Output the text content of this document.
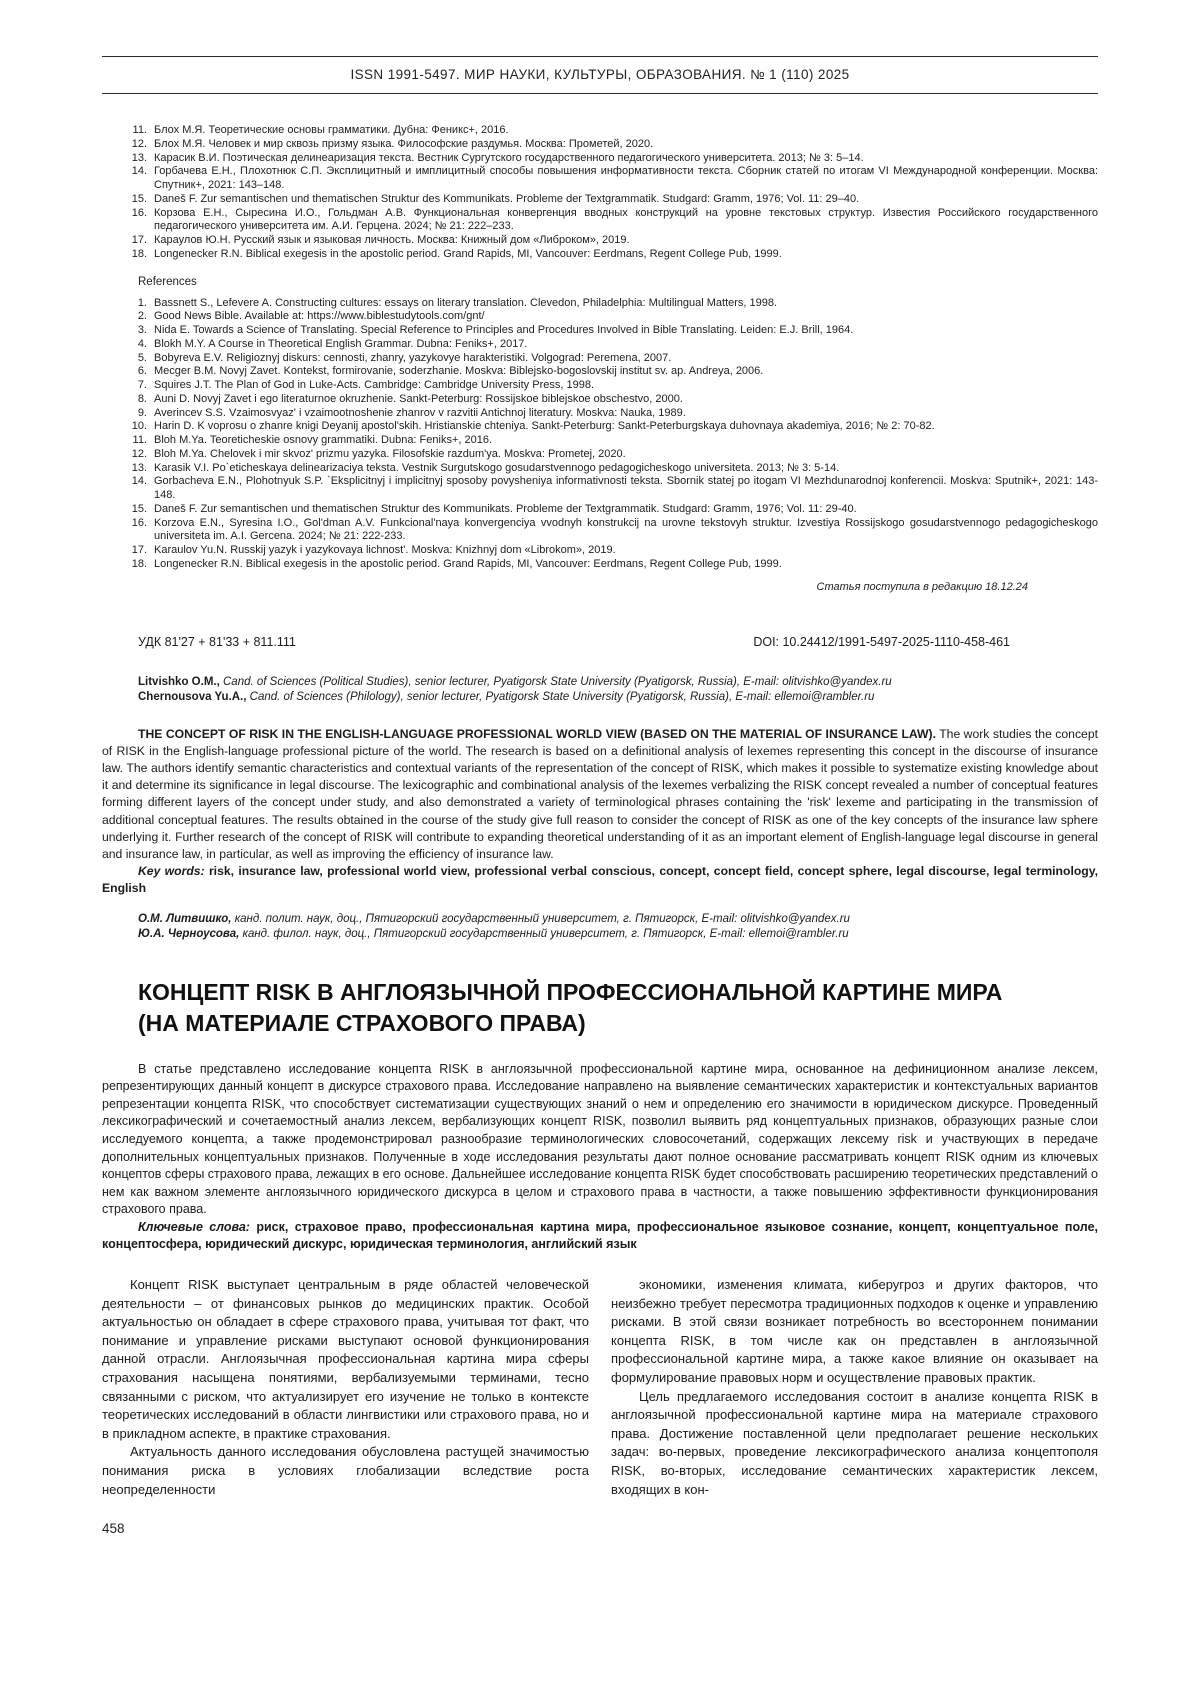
ISSN 1991-5497. МИР НАУКИ, КУЛЬТУРЫ, ОБРАЗОВАНИЯ. № 1 (110) 2025
11. Блох М.Я. Теоретические основы грамматики. Дубна: Феникс+, 2016.
12. Блох М.Я. Человек и мир сквозь призму языка. Философские раздумья. Москва: Прометей, 2020.
13. Карасик В.И. Поэтическая делинеаризация текста. Вестник Сургутского государственного педагогического университета. 2013; № 3: 5–14.
14. Горбачева Е.Н., Плохотнюк С.П. Эксплицитный и имплицитный способы повышения информативности текста. Сборник статей по итогам VI Международной конференции. Москва: Спутник+, 2021: 143–148.
15. Daneš F. Zur semantischen und thematischen Struktur des Kommunikats. Probleme der Textgrammatik. Studgard: Gramm, 1976; Vol. 11: 29–40.
16. Корзова Е.Н., Сыресина И.О., Гольдман А.В. Функциональная конвергенция вводных конструкций на уровне текстовых структур. Известия Российского государственного педагогического университета им. А.И. Герцена. 2024; № 21: 222–233.
17. Караулов Ю.Н. Русский язык и языковая личность. Москва: Книжный дом «Либроком», 2019.
18. Longenecker R.N. Biblical exegesis in the apostolic period. Grand Rapids, MI, Vancouver: Eerdmans, Regent College Pub, 1999.
References
1. Bassnett S., Lefevere A. Constructing cultures: essays on literary translation. Clevedon, Philadelphia: Multilingual Matters, 1998.
2. Good News Bible. Available at: https://www.biblestudytools.com/gnt/
3. Nida E. Towards a Science of Translating. Special Reference to Principles and Procedures Involved in Bible Translating. Leiden: E.J. Brill, 1964.
4. Blokh M.Y. A Course in Theoretical English Grammar. Dubna: Feniks+, 2017.
5. Bobyreva E.V. Religioznyj diskurs: cennosti, zhanry, yazykovye harakteristiki. Volgograd: Peremena, 2007.
6. Mecger B.M. Novyj Zavet. Kontekst, formirovanie, soderzhanie. Moskva: Biblejsko-bogoslovskij institut sv. ap. Andreya, 2006.
7. Squires J.T. The Plan of God in Luke-Acts. Cambridge: Cambridge University Press, 1998.
8. Auni D. Novyj Zavet i ego literaturnoe okruzhenie. Sankt-Peterburg: Rossijskoe biblejskoe obschestvo, 2000.
9. Averincev S.S. Vzaimosvyaz' i vzaimootnoshenie zhanrov v razvitii Antichnoj literatury. Moskva: Nauka, 1989.
10. Harin D. K voprosu o zhanre knigi Deyanij apostol'skih. Hristianskie chteniya. Sankt-Peterburg: Sankt-Peterburgskaya duhovnaya akademiya, 2016; № 2: 70-82.
11. Bloh M.Ya. Teoreticheskie osnovy grammatiki. Dubna: Feniks+, 2016.
12. Bloh M.Ya. Chelovek i mir skvoz' prizmu yazyka. Filosofskie razdum'ya. Moskva: Prometej, 2020.
13. Karasik V.I. Po`eticheskaya delinearizaciya teksta. Vestnik Surgutskogo gosudarstvennogo pedagogicheskogo universiteta. 2013; № 3: 5-14.
14. Gorbacheva E.N., Plohotnyuk S.P. `Eksplicitnyj i implicitnyj sposoby povysheniya informativnosti teksta. Sbornik statej po itogam VI Mezhdunarodnoj konferencii. Moskva: Sputnik+, 2021: 143-148.
15. Daneš F. Zur semantischen und thematischen Struktur des Kommunikats. Probleme der Textgrammatik. Studgard: Gramm, 1976; Vol. 11: 29-40.
16. Korzova E.N., Syresina I.O., Gol'dman A.V. Funkcional'naya konvergenciya vvodnyh konstrukcij na urovne tekstovyh struktur. Izvestiya Rossijskogo gosudarstvennogo pedagogicheskogo universiteta im. A.I. Gercena. 2024; № 21: 222-233.
17. Karaulov Yu.N. Russkij yazyk i yazykovaya lichnost'. Moskva: Knizhnyj dom «Librokom», 2019.
18. Longenecker R.N. Biblical exegesis in the apostolic period. Grand Rapids, MI, Vancouver: Eerdmans, Regent College Pub, 1999.
Статья поступила в редакцию 18.12.24
УДК 81'27 + 81'33 + 811.111	DOI: 10.24412/1991-5497-2025-1110-458-461

Litvishko O.M., Cand. of Sciences (Political Studies), senior lecturer, Pyatigorsk State University (Pyatigorsk, Russia), E-mail: olitvishko@yandex.ru

Chernousova Yu.A., Cand. of Sciences (Philology), senior lecturer, Pyatigorsk State University (Pyatigorsk, Russia), E-mail: ellemoi@rambler.ru

THE CONCEPT OF RISK IN THE ENGLISH-LANGUAGE PROFESSIONAL WORLD VIEW (BASED ON THE MATERIAL OF INSURANCE LAW). The work studies the concept of RISK in the English-language professional picture of the world. The research is based on a definitional analysis of lexemes representing this concept in the discourse of insurance law. The authors identify semantic characteristics and contextual variants of the representation of the concept of RISK, which makes it possible to systematize existing knowledge about it and determine its significance in legal discourse. The lexicographic and combinational analysis of the lexemes verbalizing the RISK concept revealed a number of conceptual features forming different layers of the concept under study, and also demonstrated a variety of terminological phrases containing the 'risk' lexeme and participating in the transmission of additional conceptual features. The results obtained in the course of the study give full reason to consider the concept of RISK as one of the key concepts of the insurance law sphere underlying it. Further research of the concept of RISK will contribute to expanding theoretical understanding of it as an important element of English-language legal discourse in general and insurance law, in particular, as well as improving the efficiency of insurance law.

Key words: risk, insurance law, professional world view, professional verbal conscious, concept, concept field, concept sphere, legal discourse, legal terminology, English

О.М. Литвишко, канд. полит. наук, доц., Пятигорский государственный университет, г. Пятигорск, E-mail: olitvishko@yandex.ru

Ю.А. Черноусова, канд. филол. наук, доц., Пятигорский государственный университет, г. Пятигорск, E-mail: ellemoi@rambler.ru

КОНЦЕПТ RISK В АНГЛОЯЗЫЧНОЙ ПРОФЕССИОНАЛЬНОЙ КАРТИНЕ МИРА
(НА МАТЕРИАЛЕ СТРАХОВОГО ПРАВА)

В статье представлено исследование концепта RISK в англоязычной профессиональной картине мира, основанное на дефиниционном анализе лексем, репрезентирующих данный концепт в дискурсе страхового права. Исследование направлено на выявление семантических характеристик и контекстуальных вариантов репрезентации концепта RISK, что способствует систематизации существующих знаний о нем и определению его значимости в юридическом дискурсе. Проведенный лексикографический и сочетаемостный анализ лексем, вербализующих концепт RISK, позволил выявить ряд концептуальных признаков, образующих разные слои исследуемого концепта, а также продемонстрировал разнообразие терминологических словосочетаний, содержащих лексему risk и участвующих в передаче дополнительных концептуальных признаков. Полученные в ходе исследования результаты дают полное основание рассматривать концепт RISK одним из ключевых концептов сферы страхового права, лежащих в его основе. Дальнейшее исследование концепта RISK будет способствовать расширению теоретических представлений о нем как важном элементе англоязычного юридического дискурса в целом и страхового права в частности, а также повышению эффективности функционирования страхового права.

Ключевые слова: риск, страховое право, профессиональная картина мира, профессиональное языковое сознание, концепт, концептуальное поле, концептосфера, юридический дискурс, юридическая терминология, английский язык

Концепт RISK выступает центральным в ряде областей человеческой деятельности – от финансовых рынков до медицинских практик. Особой актуальностью он обладает в сфере страхового права, учитывая тот факт, что понимание и управление рисками выступают основой функционирования данной отрасли. Англоязычная профессиональная картина мира сферы страхования насыщена понятиями, вербализуемыми терминами, тесно связанными с риском, что актуализирует его изучение не только в контексте теоретических исследований в области лингвистики или страхового права, но и в прикладном аспекте, в практике страхования.

Актуальность данного исследования обусловлена растущей значимостью понимания риска в условиях глобализации вследствие роста неопределенности

экономики, изменения климата, киберугроз и других факторов, что неизбежно требует пересмотра традиционных подходов к оценке и управлению рисками. В этой связи возникает потребность во всестороннем понимании концепта RISK, в том числе как он представлен в англоязычной профессиональной картине мира, а также какое влияние он оказывает на формулирование правовых норм и осуществление правовых практик.

Цель предлагаемого исследования состоит в анализе концепта RISK в англоязычной профессиональной картине мира на материале страхового права. Достижение поставленной цели предполагает решение нескольких задач: во-первых, проведение лексикографического анализа концептополя RISK, во-вторых, исследование семантических характеристик лексем, входящих в кон-

458
